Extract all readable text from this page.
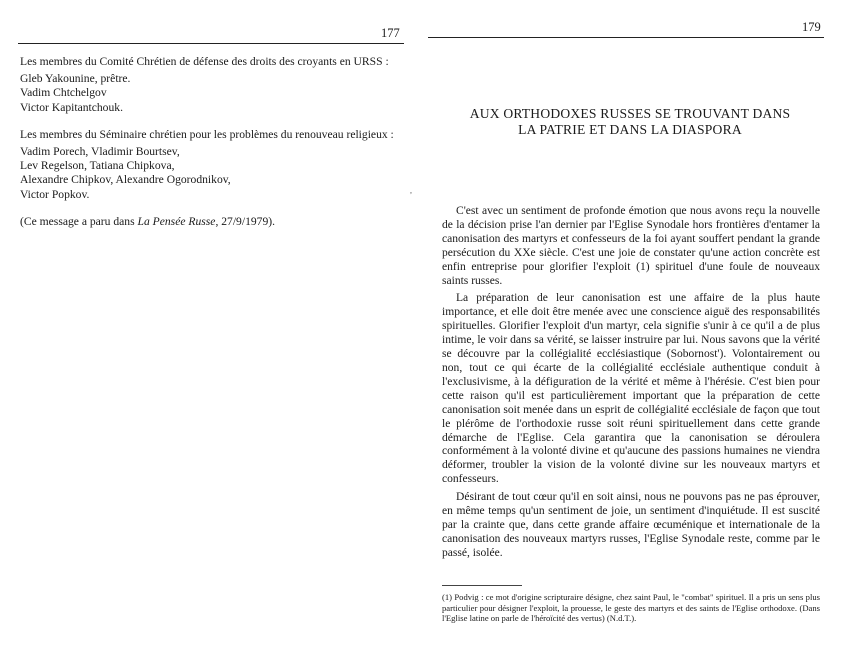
177

Les membres du Comité Chrétien de défense des droits des croyants en URSS :

Gleb Yakounine, prêtre.

Vadim Chtchelgov

Victor Kapitantchouk.

Les membres du Séminaire chrétien pour les problèmes du renouveau religieux :

Vadim Porech, Vladimir Bourtsev,

Lev Regelson, Tatiana Chipkova,

Alexandre Chipkov, Alexandre Ogorodnikov,

Victor Popkov.

(Ce message a paru dans La Pensée Russe, 27/9/1979).

179
,
AUX ORTHODOXES RUSSES SE TROUVANT DANS
LA PATRIE ET DANS LA DIASPORA

C'est avec un sentiment de profonde émotion que nous avons reçu la nouvelle de la décision prise l'an dernier par l'Eglise Synodale hors frontières d'entamer la canonisation des martyrs et confesseurs de la foi ayant souffert pendant la grande persécution du XXe siècle. C'est une joie de constater qu'une action concrète est enfin entreprise pour glorifier l'exploit (1) spirituel d'une foule de nouveaux saints russes.

La préparation de leur canonisation est une affaire de la plus haute importance, et elle doit être menée avec une conscience aiguë des responsabilités spirituelles. Glorifier l'exploit d'un martyr, cela signifie s'unir à ce qu'il a de plus intime, le voir dans sa vérité, se laisser instruire par lui. Nous savons que la vérité se découvre par la collégialité ecclésiastique (Sobornost'). Volontairement ou non, tout ce qui écarte de la collégialité ecclésiale authentique conduit à l'exclusivisme, à la défiguration de la vérité et même à l'hérésie. C'est bien pour cette raison qu'il est particulièrement important que la préparation de cette canonisation soit menée dans un esprit de collégialité ecclésiale de façon que tout le plérôme de l'orthodoxie russe soit réuni spirituellement dans cette grande démarche de l'Eglise. Cela garantira que la canonisation se déroulera conformément à la volonté divine et qu'aucune des passions humaines ne viendra déformer, troubler la vision de la volonté divine sur les nouveaux martyrs et confesseurs.

Désirant de tout cœur qu'il en soit ainsi, nous ne pouvons pas ne pas éprouver, en même temps qu'un sentiment de joie, un sentiment d'inquiétude. Il est suscité par la crainte que, dans cette grande affaire œcuménique et internationale de la canonisation des nouveaux martyrs russes, l'Eglise Synodale reste, comme par le passé, isolée.

(1) Podvig : ce mot d'origine scripturaire désigne, chez saint Paul, le "combat" spirituel. Il a pris un sens plus particulier pour désigner l'exploit, la prouesse, le geste des martyrs et des saints de l'Eglise orthodoxe. (Dans l'Eglise latine on parle de l'héroïcité des vertus) (N.d.T.).
